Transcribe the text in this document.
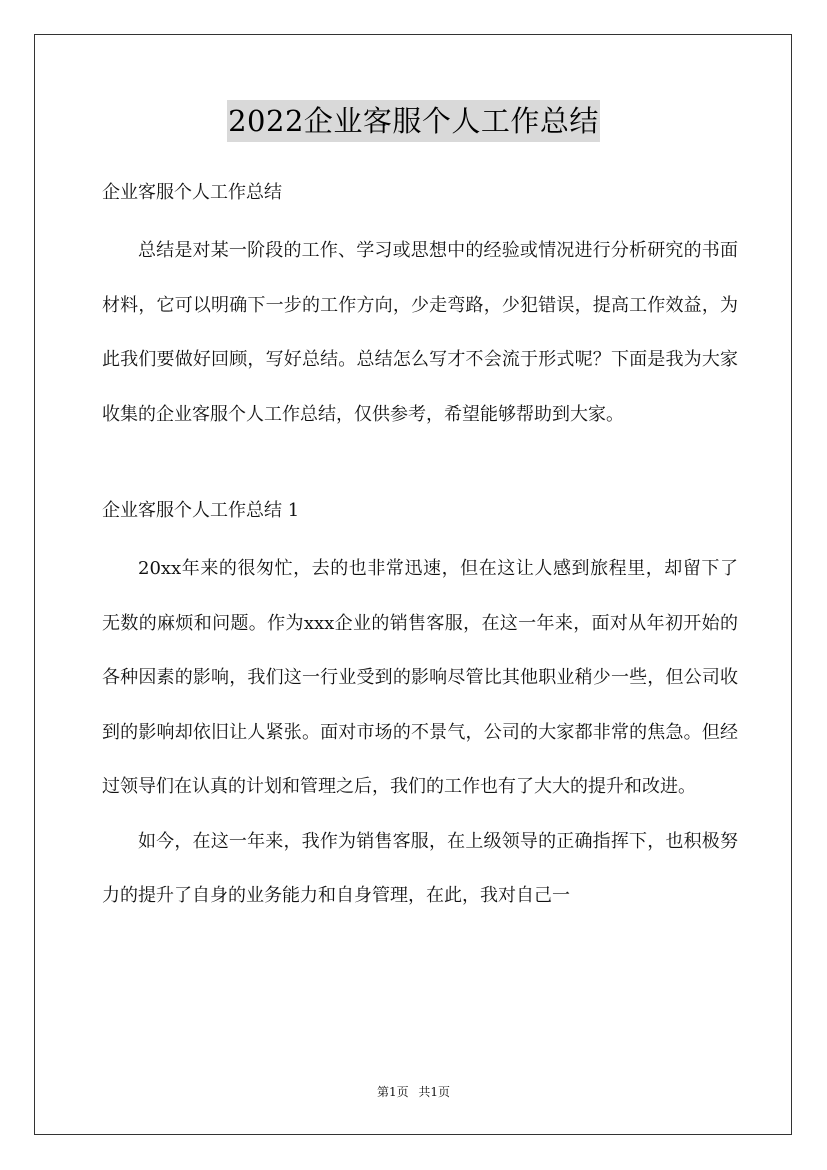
2022企业客服个人工作总结

企业客服个人工作总结

总结是对某一阶段的工作、学习或思想中的经验或情况进行分析研究的书面材料，它可以明确下一步的工作方向，少走弯路，少犯错误，提高工作效益，为此我们要做好回顾，写好总结。总结怎么写才不会流于形式呢？下面是我为大家收集的企业客服个人工作总结，仅供参考，希望能够帮助到大家。

企业客服个人工作总结 1

20xx年来的很匆忙，去的也非常迅速，但在这让人感到旅程里，却留下了无数的麻烦和问题。作为xxx企业的销售客服，在这一年来，面对从年初开始的各种因素的影响，我们这一行业受到的影响尽管比其他职业稍少一些，但公司收到的影响却依旧让人紧张。面对市场的不景气，公司的大家都非常的焦急。但经过领导们在认真的计划和管理之后，我们的工作也有了大大的提升和改进。

如今，在这一年来，我作为销售客服，在上级领导的正确指挥下，也积极努力的提升了自身的业务能力和自身管理，在此，我对自己一

第1页 共1页
